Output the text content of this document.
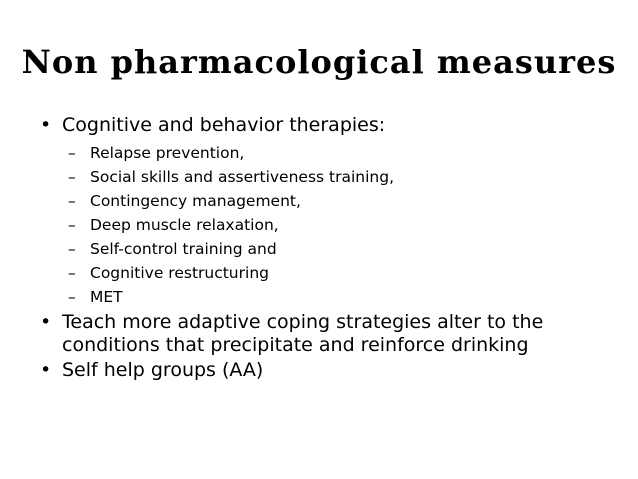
Non pharmacological measures
• Cognitive and behavior therapies:
– Relapse prevention,
– Social skills and assertiveness training,
– Contingency management,
– Deep muscle relaxation,
– Self-control training and
– Cognitive restructuring
– MET
• Teach more adaptive coping strategies alter to the conditions that precipitate and reinforce drinking
• Self help groups (AA)
